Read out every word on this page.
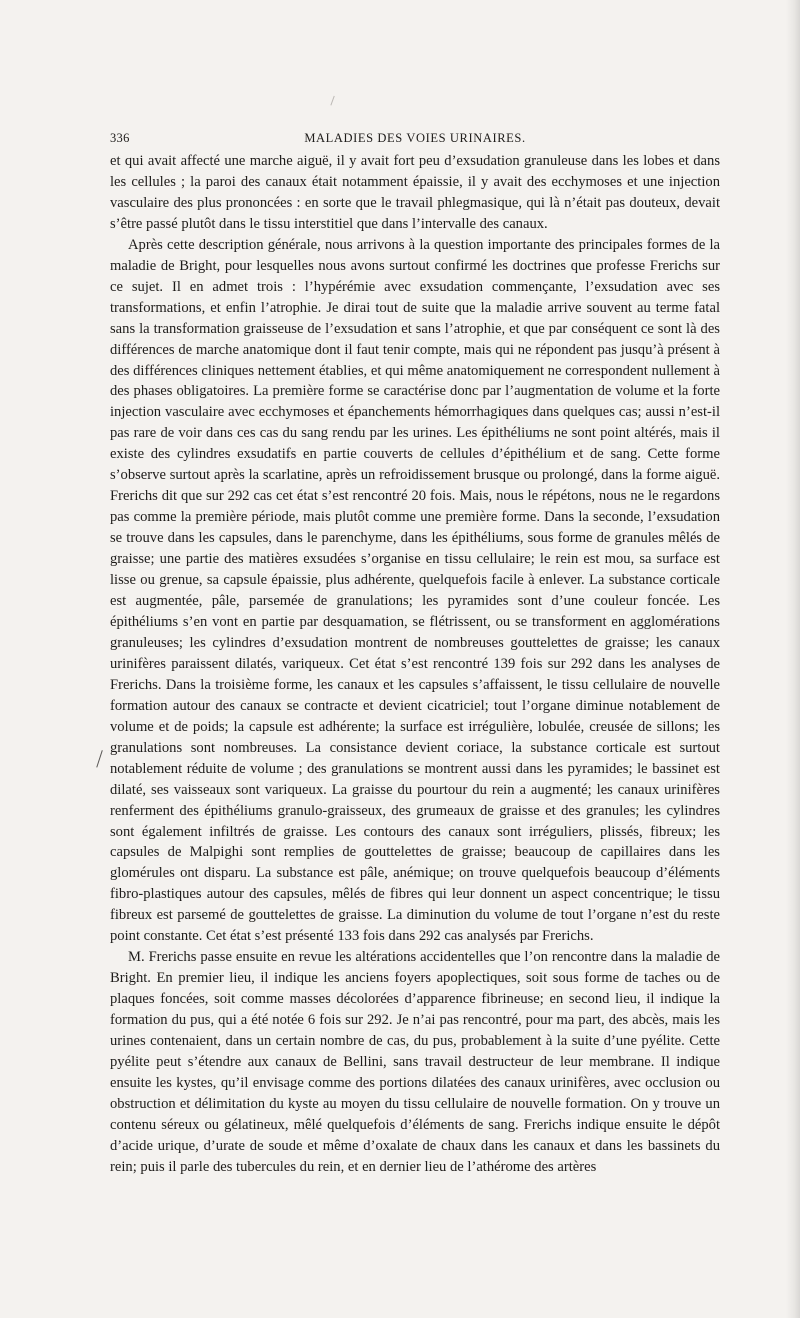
336	MALADIES DES VOIES URINAIRES.

et qui avait affecté une marche aiguë, il y avait fort peu d’exsudation granuleuse dans les lobes et dans les cellules ; la paroi des canaux était notamment épaissie, il y avait des ecchymoses et une injection vasculaire des plus prononcées : en sorte que le travail phlegmasique, qui là n’était pas douteux, devait s’être passé plutôt dans le tissu interstitiel que dans l’intervalle des canaux.

Après cette description générale, nous arrivons à la question importante des principales formes de la maladie de Bright, pour lesquelles nous avons surtout confirmé les doctrines que professe Frerichs sur ce sujet. Il en admet trois : l’hypérémie avec exsudation commençante, l’exsudation avec ses transformations, et enfin l’atrophie. Je dirai tout de suite que la maladie arrive souvent au terme fatal sans la transformation graisseuse de l’exsudation et sans l’atrophie, et que par conséquent ce sont là des différences de marche anatomique dont il faut tenir compte, mais qui ne répondent pas jusqu’à présent à des différences cliniques nettement établies, et qui même anatomiquement ne correspondent nullement à des phases obligatoires. La première forme se caractérise donc par l’augmentation de volume et la forte injection vasculaire avec ecchymoses et épanchements hémorrhagiques dans quelques cas; aussi n’est-il pas rare de voir dans ces cas du sang rendu par les urines. Les épithéliums ne sont point altérés, mais il existe des cylindres exsudatifs en partie couverts de cellules d’épithélium et de sang. Cette forme s’observe surtout après la scarlatine, après un refroidissement brusque ou prolongé, dans la forme aiguë. Frerichs dit que sur 292 cas cet état s’est rencontré 20 fois. Mais, nous le répétons, nous ne le regardons pas comme la première période, mais plutôt comme une première forme. Dans la seconde, l’exsudation se trouve dans les capsules, dans le parenchyme, dans les épithéliums, sous forme de granules mêlés de graisse; une partie des matières exsudées s’organise en tissu cellulaire; le rein est mou, sa surface est lisse ou grenue, sa capsule épaissie, plus adhérente, quelquefois facile à enlever. La substance corticale est augmentée, pâle, parsemée de granulations; les pyramides sont d’une couleur foncée. Les épithéliums s’en vont en partie par desquamation, se flétrissent, ou se transforment en agglomérations granuleuses; les cylindres d’exsudation montrent de nombreuses gouttelettes de graisse; les canaux urinifères paraissent dilatés, variqueux. Cet état s’est rencontré 139 fois sur 292 dans les analyses de Frerichs. Dans la troisième forme, les canaux et les capsules s’affaissent, le tissu cellulaire de nouvelle formation autour des canaux se contracte et devient cicatriciel; tout l’organe diminue notablement de volume et de poids; la capsule est adhérente; la surface est irrégulière, lobulée, creusée de sillons; les granulations sont nombreuses. La consistance devient coriace, la substance corticale est surtout notablement réduite de volume ; des granulations se montrent aussi dans les pyramides; le bassinet est dilaté, ses vaisseaux sont variqueux. La graisse du pourtour du rein a augmenté; les canaux urinifères renferment des épithéliums granulo-graisseux, des grumeaux de graisse et des granules; les cylindres sont également infiltrés de graisse. Les contours des canaux sont irréguliers, plissés, fibreux; les capsules de Malpighi sont remplies de gouttelettes de graisse; beaucoup de capillaires dans les glomérules ont disparu. La substance est pâle, anémique; on trouve quelquefois beaucoup d’éléments fibro-plastiques autour des capsules, mêlés de fibres qui leur donnent un aspect concentrique; le tissu fibreux est parsemé de gouttelettes de graisse. La diminution du volume de tout l’organe n’est du reste point constante. Cet état s’est présenté 133 fois dans 292 cas analysés par Frerichs.

M. Frerichs passe ensuite en revue les altérations accidentelles que l’on rencontre dans la maladie de Bright. En premier lieu, il indique les anciens foyers apoplectiques, soit sous forme de taches ou de plaques foncées, soit comme masses décolorées d’apparence fibrineuse; en second lieu, il indique la formation du pus, qui a été notée 6 fois sur 292. Je n’ai pas rencontré, pour ma part, des abcès, mais les urines contenaient, dans un certain nombre de cas, du pus, probablement à la suite d’une pyélite. Cette pyélite peut s’étendre aux canaux de Bellini, sans travail destructeur de leur membrane. Il indique ensuite les kystes, qu’il envisage comme des portions dilatées des canaux urinifères, avec occlusion ou obstruction et délimitation du kyste au moyen du tissu cellulaire de nouvelle formation. On y trouve un contenu séreux ou gélatineux, mêlé quelquefois d’éléments de sang. Frerichs indique ensuite le dépôt d’acide urique, d’urate de soude et même d’oxalate de chaux dans les canaux et dans les bassinets du rein; puis il parle des tubercules du rein, et en dernier lieu de l’athérome des artères
